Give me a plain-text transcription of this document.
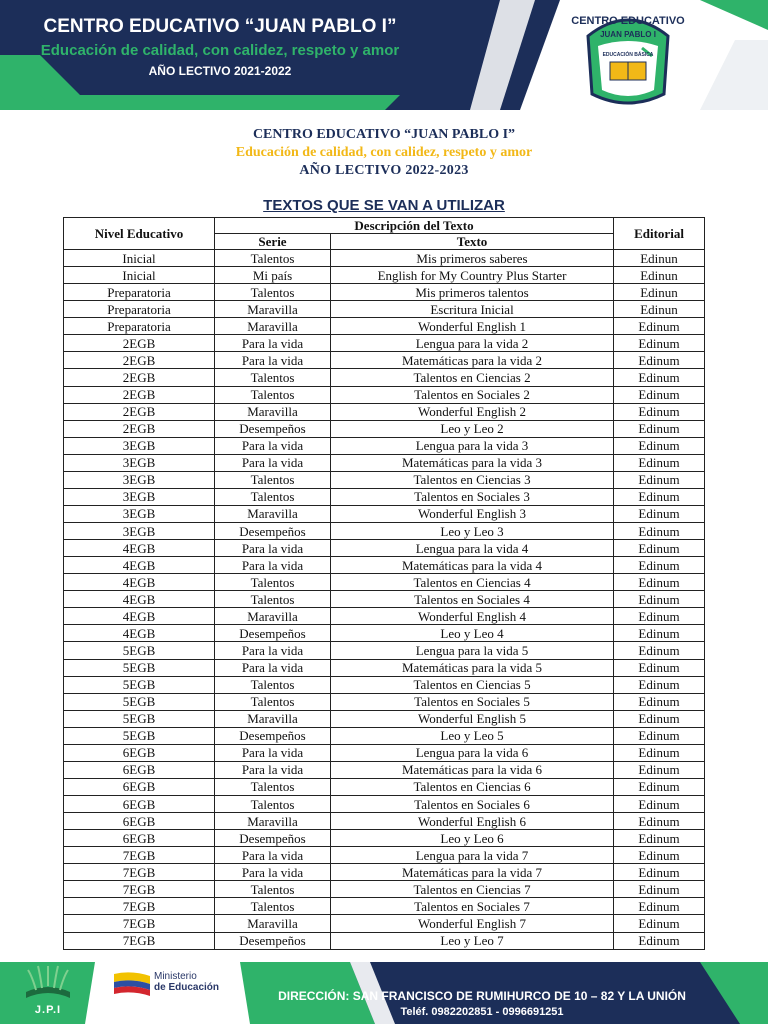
CENTRO EDUCATIVO “JUAN PABLO I”
Educación de calidad, con calidez, respeto y amor
AÑO LECTIVO 2021-2022
CENTRO EDUCATIVO
JUAN PABLO I
EDUCACIÓN BÁSICA
CENTRO EDUCATIVO “JUAN PABLO I”
Educación de calidad, con calidez, respeto y amor
AÑO LECTIVO 2022-2023
TEXTOS QUE SE VAN A UTILIZAR
Nivel Educativo	Descripción del Texto		Editorial
	Serie	Texto	
Inicial	Talentos	Mis primeros saberes	Edinun
Inicial	Mi país	English for My Country Plus Starter	Edinun
Preparatoria	Talentos	Mis primeros talentos	Edinun
Preparatoria	Maravilla	Escritura Inicial	Edinun
Preparatoria	Maravilla	Wonderful English 1	Edinum
2EGB	Para la vida	Lengua para la vida 2	Edinum
2EGB	Para la vida	Matemáticas para la vida 2	Edinum
2EGB	Talentos	Talentos en Ciencias 2	Edinum
2EGB	Talentos	Talentos en Sociales 2	Edinum
2EGB	Maravilla	Wonderful English 2	Edinum
2EGB	Desempeños	Leo y Leo 2	Edinum
3EGB	Para la vida	Lengua para la vida 3	Edinum
3EGB	Para la vida	Matemáticas para la vida 3	Edinum
3EGB	Talentos	Talentos en Ciencias 3	Edinum
3EGB	Talentos	Talentos en Sociales 3	Edinum
3EGB	Maravilla	Wonderful English 3	Edinum
3EGB	Desempeños	Leo y Leo 3	Edinum
4EGB	Para la vida	Lengua para la vida 4	Edinum
4EGB	Para la vida	Matemáticas para la vida 4	Edinum
4EGB	Talentos	Talentos en Ciencias 4	Edinum
4EGB	Talentos	Talentos en Sociales 4	Edinum
4EGB	Maravilla	Wonderful English 4	Edinum
4EGB	Desempeños	Leo y Leo 4	Edinum
5EGB	Para la vida	Lengua para la vida 5	Edinum
5EGB	Para la vida	Matemáticas para la vida 5	Edinum
5EGB	Talentos	Talentos en Ciencias 5	Edinum
5EGB	Talentos	Talentos en Sociales 5	Edinum
5EGB	Maravilla	Wonderful English 5	Edinum
5EGB	Desempeños	Leo y Leo 5	Edinum
6EGB	Para la vida	Lengua para la vida 6	Edinum
6EGB	Para la vida	Matemáticas para la vida 6	Edinum
6EGB	Talentos	Talentos en Ciencias 6	Edinum
6EGB	Talentos	Talentos en Sociales 6	Edinum
6EGB	Maravilla	Wonderful English 6	Edinum
6EGB	Desempeños	Leo y Leo 6	Edinum
7EGB	Para la vida	Lengua para la vida 7	Edinum
7EGB	Para la vida	Matemáticas para la vida 7	Edinum
7EGB	Talentos	Talentos en Ciencias 7	Edinum
7EGB	Talentos	Talentos en Sociales 7	Edinum
7EGB	Maravilla	Wonderful English 7	Edinum
7EGB	Desempeños	Leo y Leo 7	Edinum
J.P.I
Ministerio
de Educación
DIRECCIÓN: SAN FRANCISCO DE RUMIHURCO DE 10 – 82 Y LA UNIÓN
Teléf. 0982202851 - 0996691251
